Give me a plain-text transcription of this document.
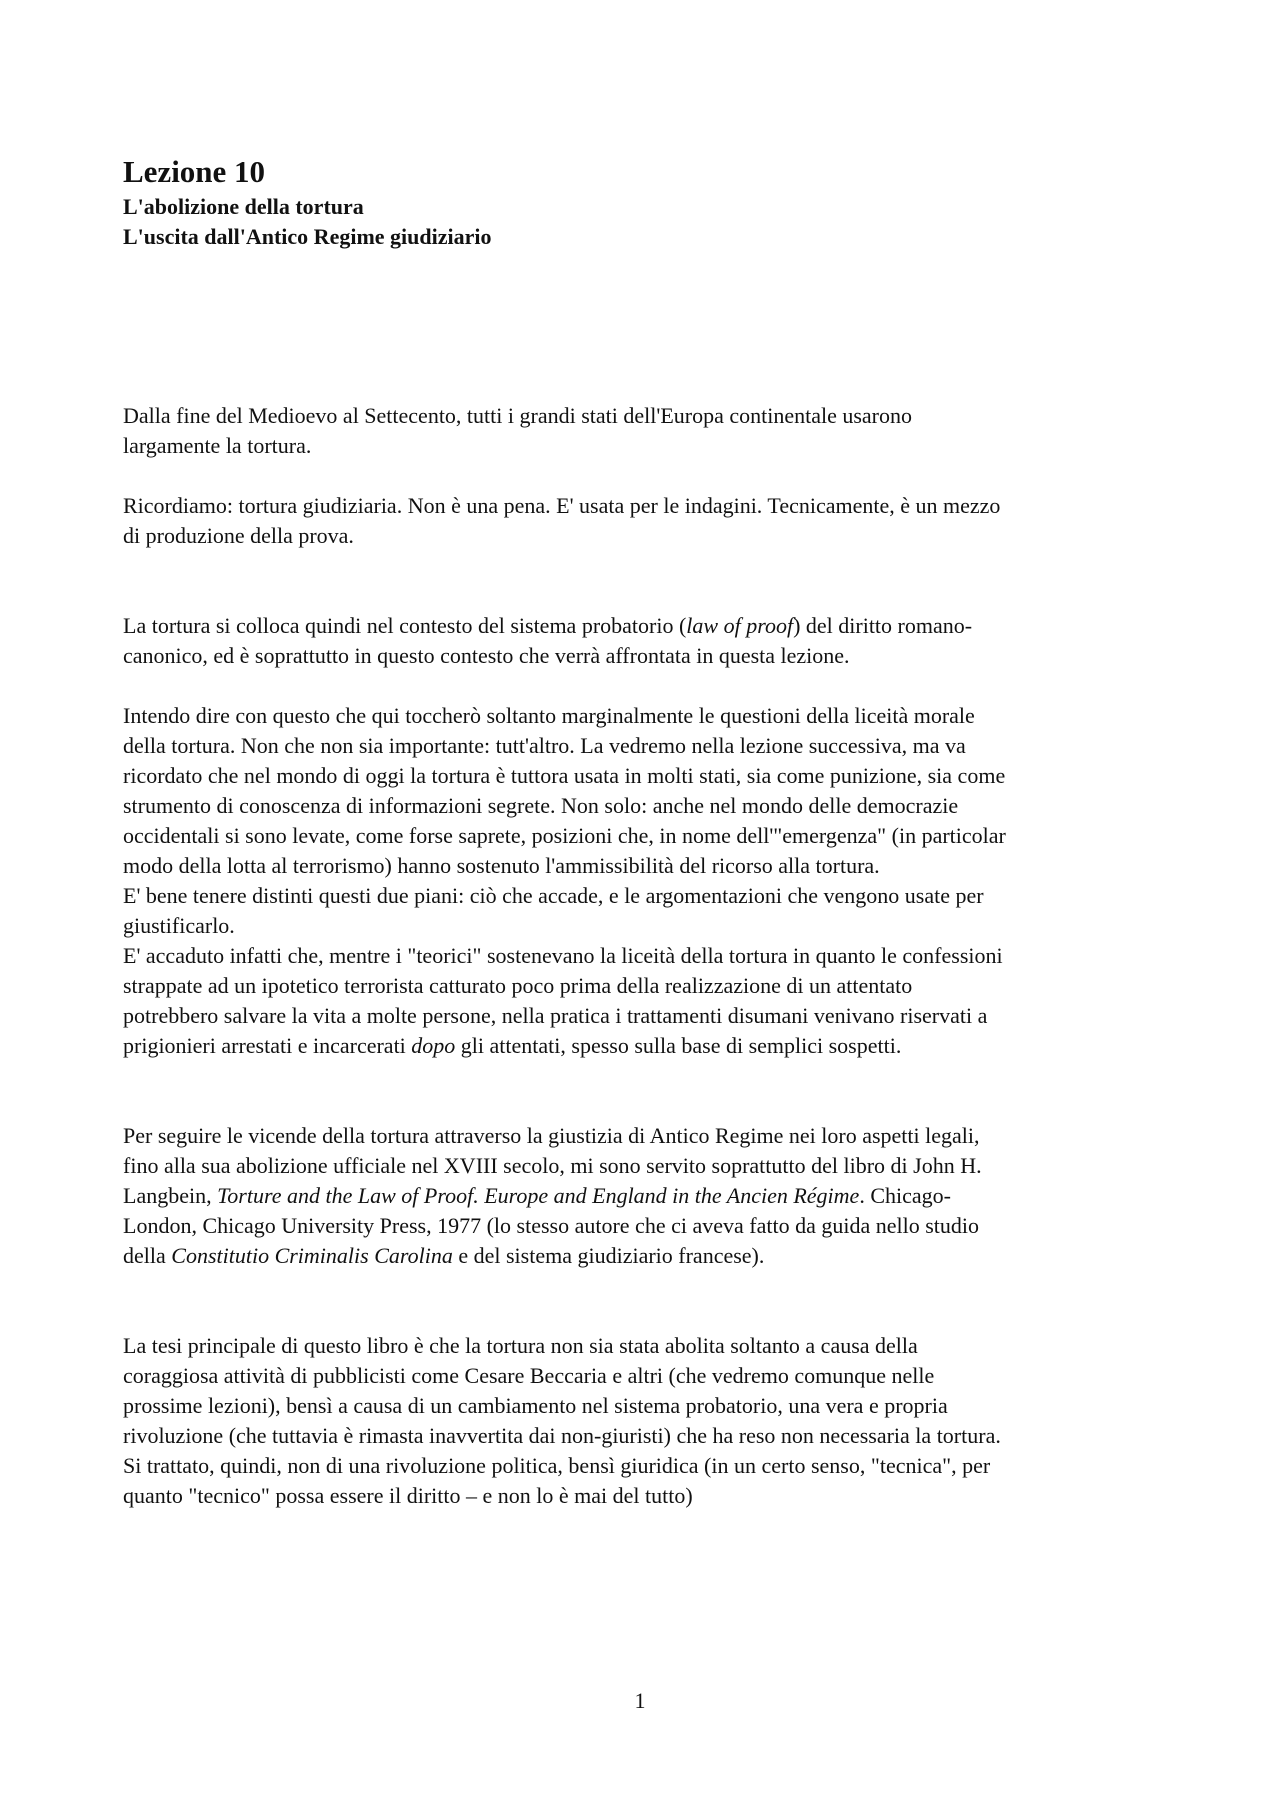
Lezione 10
L'abolizione della tortura
L'uscita dall'Antico Regime giudiziario
Dalla fine del Medioevo al Settecento, tutti i grandi stati dell'Europa continentale usarono
largamente la tortura.
Ricordiamo: tortura giudiziaria. Non è una pena. E' usata per le indagini. Tecnicamente, è un mezzo
di produzione della prova.
La tortura si colloca quindi nel contesto del sistema probatorio (law of proof) del diritto romano-
canonico, ed è soprattutto in questo contesto che verrà affrontata in questa lezione.
Intendo dire con questo che qui toccherò soltanto marginalmente le questioni della liceità morale
della tortura. Non che non sia importante: tutt'altro. La vedremo nella lezione successiva, ma va
ricordato che nel mondo di oggi la tortura è tuttora usata in molti stati, sia come punizione, sia come
strumento di conoscenza di informazioni segrete. Non solo: anche nel mondo delle democrazie
occidentali si sono levate, come forse saprete, posizioni che, in nome dell'"emergenza" (in particolar
modo della lotta al terrorismo) hanno sostenuto l'ammissibilità del ricorso alla tortura.
E' bene tenere distinti questi due piani: ciò che accade, e le argomentazioni che vengono usate per
giustificarlo.
E' accaduto infatti che, mentre i "teorici" sostenevano la liceità della tortura in quanto le confessioni
strappate ad un ipotetico terrorista catturato poco prima della realizzazione di un attentato
potrebbero salvare la vita a molte persone, nella pratica i trattamenti disumani venivano riservati a
prigionieri arrestati e incarcerati dopo gli attentati, spesso sulla base di semplici sospetti.
Per seguire le vicende della tortura attraverso la giustizia di Antico Regime nei loro aspetti legali,
fino alla sua abolizione ufficiale nel XVIII secolo, mi sono servito soprattutto del libro di John H.
Langbein, Torture and the Law of Proof. Europe and England in the Ancien Régime. Chicago-
London, Chicago University Press, 1977 (lo stesso autore che ci aveva fatto da guida nello studio
della Constitutio Criminalis Carolina e del sistema giudiziario francese).
La tesi principale di questo libro è che la tortura non sia stata abolita soltanto a causa della
coraggiosa attività di pubblicisti come Cesare Beccaria e altri (che vedremo comunque nelle
prossime lezioni), bensì a causa di un cambiamento nel sistema probatorio, una vera e propria
rivoluzione (che tuttavia è rimasta inavvertita dai non-giuristi) che ha reso non necessaria la tortura.
Si trattato, quindi, non di una rivoluzione politica, bensì giuridica (in un certo senso, "tecnica", per
quanto "tecnico" possa essere il diritto – e non lo è mai del tutto)
1
